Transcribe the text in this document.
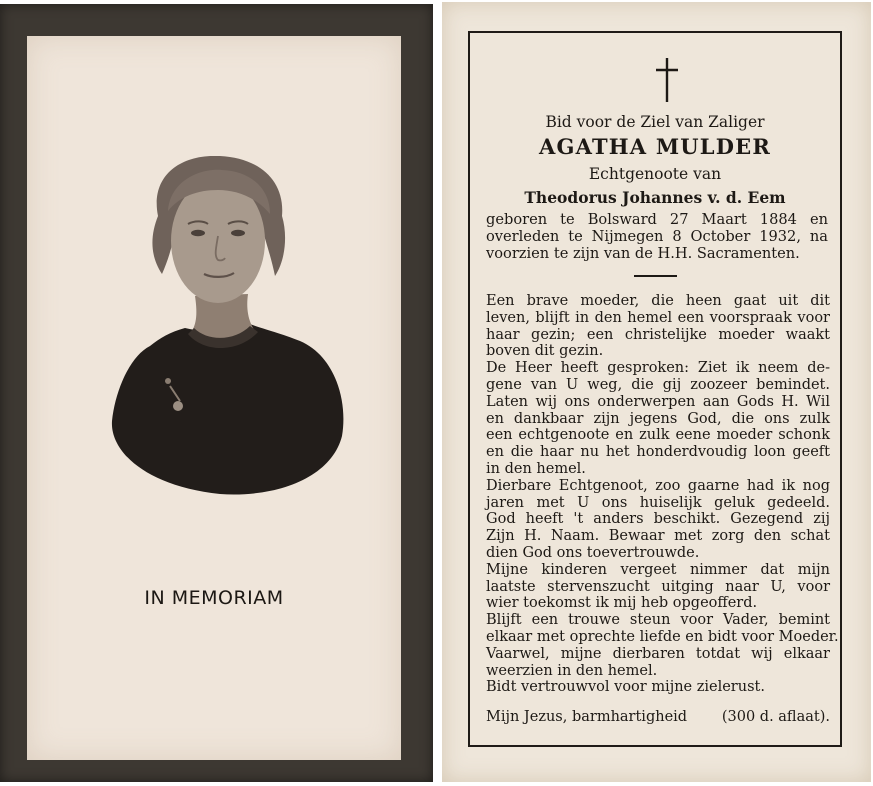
IN MEMORIAM
Bid voor de Ziel van Zaliger
AGATHA MULDER
Echtgenoote van
Theodorus Johannes v. d. Eem
geboren te Bolsward 27 Maart 1884 en
overleden te Nijmegen 8 October 1932, na
voorzien te zijn van de H.H. Sacramenten.
Een brave moeder, die heen gaat uit dit
leven, blijft in den hemel een voorspraak voor
haar gezin; een christelijke moeder waakt
boven dit gezin.
De Heer heeft gesproken: Ziet ik neem de-
gene van U weg, die gij zoozeer bemindet.
Laten wij ons onderwerpen aan Gods H. Wil
en dankbaar zijn jegens God, die ons zulk
een echtgenoote en zulk eene moeder schonk
en die haar nu het honderdvoudig loon geeft
in den hemel.
Dierbare Echtgenoot, zoo gaarne had ik nog
jaren met U ons huiselijk geluk gedeeld.
God heeft 't anders beschikt. Gezegend zij
Zijn H. Naam. Bewaar met zorg den schat
dien God ons toevertrouwde.
Mijne kinderen vergeet nimmer dat mijn
laatste stervenszucht uitging naar U, voor
wier toekomst ik mij heb opgeofferd.
Blijft een trouwe steun voor Vader, bemint
elkaar met oprechte liefde en bidt voor Moeder.
Vaarwel, mijne dierbaren totdat wij elkaar
weerzien in den hemel.
Bidt vertrouwvol voor mijne zielerust.
Mijn Jezus, barmhartigheid (300 d. aflaat).
